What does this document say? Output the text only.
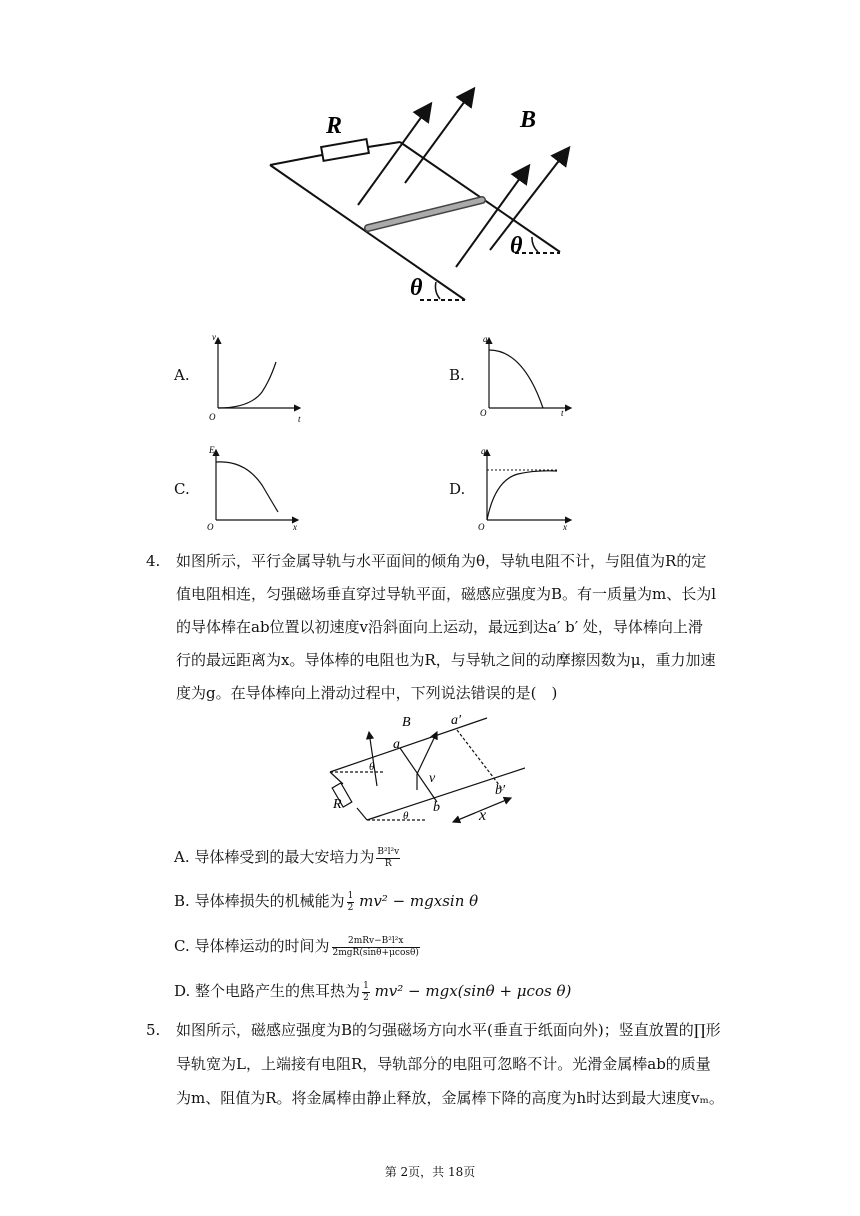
R	B
θ
θ
A.
v
t
O
B.
a
t
O
C.
E
x
O
D.
q
x
O
4. 如图所示，平行金属导轨与水平面间的倾角为θ，导轨电阻不计，与阻值为R的定
值电阻相连，匀强磁场垂直穿过导轨平面，磁感应强度为B。有一质量为m、长为l
的导体棒在ab位置以初速度v沿斜面向上运动，最远到达a′ b′ 处，导体棒向上滑
行的最远距离为x。导体棒的电阻也为R，与导轨之间的动摩擦因数为μ，重力加速
度为g。在导体棒向上滑动过程中，下列说法错误的是(　)
B
a
a′
v
θ
θ
R	b
b′
x
A. 导体棒受到的最大安培力为 $\frac{\text{B²l²v}}{R}$
B. 导体棒损失的机械能为 $\frac{1}{2} mv^2 - mgxsin$ θ
C. 导体棒运动的时间为 $\frac{\text{2mRv−B²l²x}}{\text{2mgR(sinθ+μcosθ)}}$
D. 整个电路产生的焦耳热为 $\frac{1}{2} mv^2 - mgx(\sin\theta + \mu\cos$ θ)
5. 如图所示，磁感应强度为B的匀强磁场方向水平(垂直于纸面向外)；竖直放置的∏形
导轨宽为L，上端接有电阻R，导轨部分的电阻可忽略不计。光滑金属棒ab的质量
为m、阻值为R。将金属棒由静止释放，金属棒下降的高度为h时达到最大速度vₘ。
第 2页，共 18页
